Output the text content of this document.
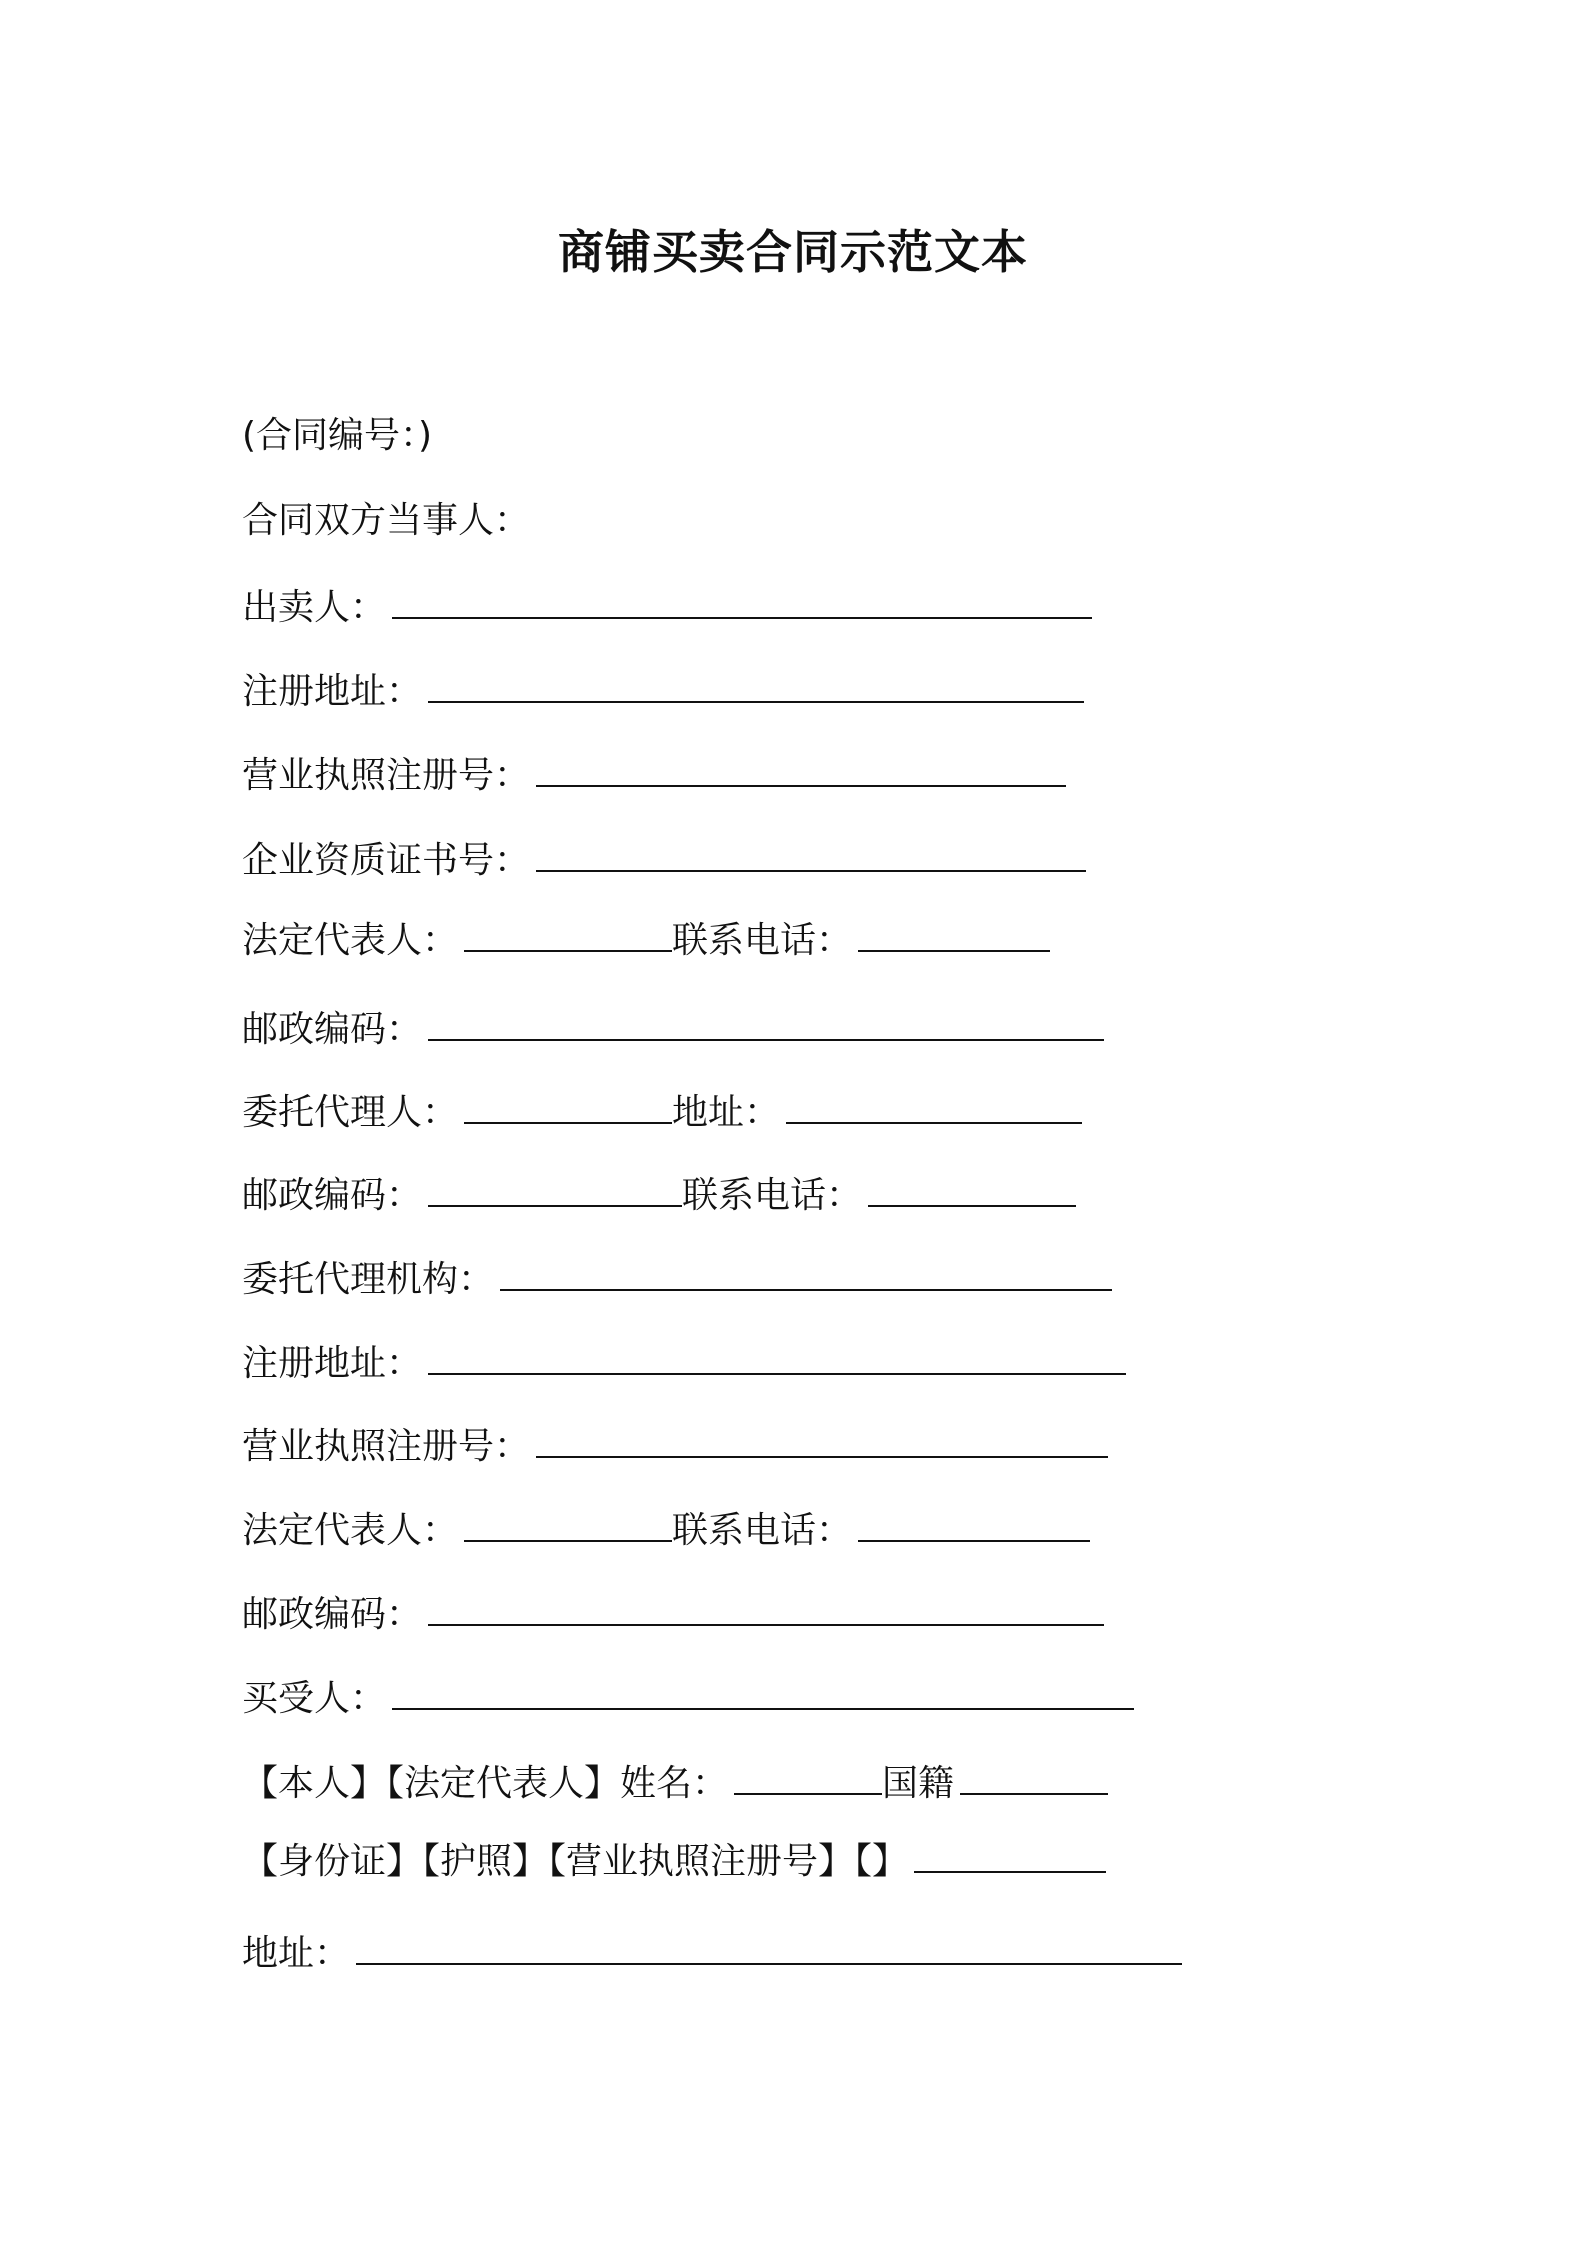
商铺买卖合同示范文本
(合同编号：)
合同双方当事人：
出卖人：
注册地址：
营业执照注册号：
企业资质证书号：
法定代表人：	联系电话：
邮政编码：
委托代理人：	地址：
邮政编码：	联系电话：
委托代理机构：
注册地址：
营业执照注册号：
法定代表人：	联系电话：
邮政编码：
买受人：
【本人】【法定代表人】姓名：	国籍
【身份证】【护照】【营业执照注册号】【】
地址：
